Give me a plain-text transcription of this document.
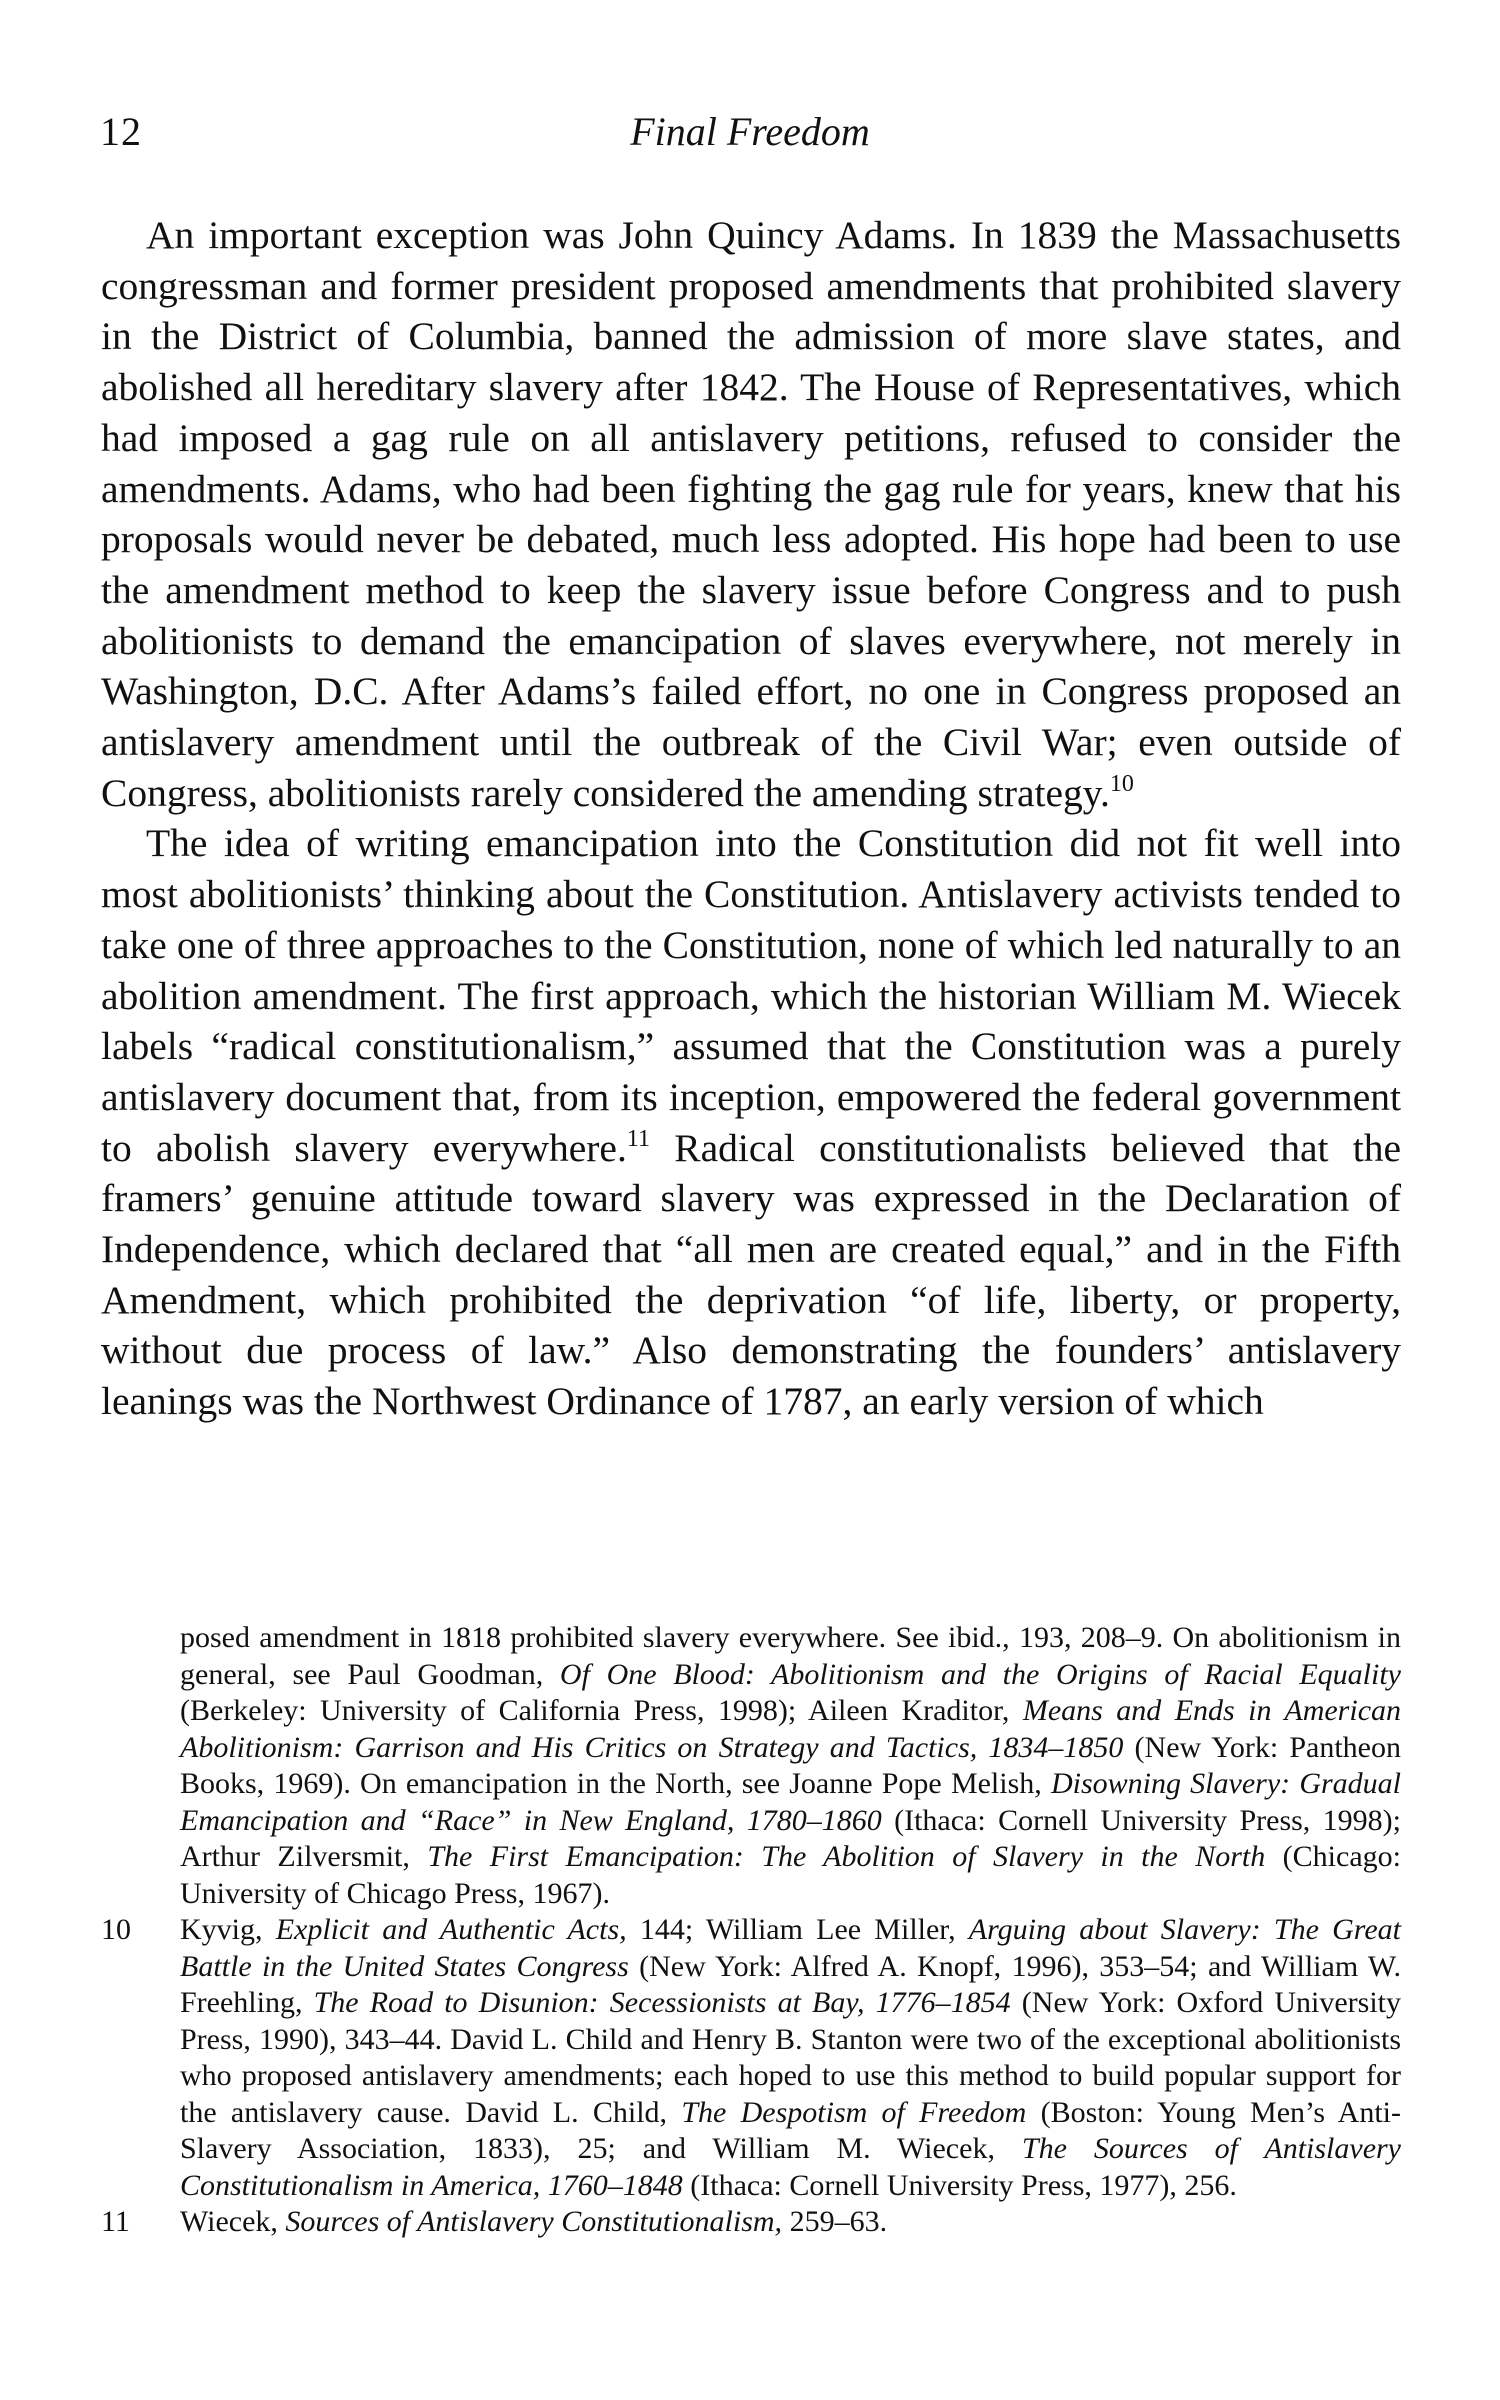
12	Final Freedom

An important exception was John Quincy Adams. In 1839 the Massachusetts congressman and former president proposed amendments that prohibited slavery in the District of Columbia, banned the admission of more slave states, and abolished all hereditary slavery after 1842. The House of Representatives, which had imposed a gag rule on all antislavery petitions, refused to consider the amendments. Adams, who had been fighting the gag rule for years, knew that his proposals would never be debated, much less adopted. His hope had been to use the amendment method to keep the slavery issue before Congress and to push abolitionists to demand the emancipation of slaves everywhere, not merely in Washington, D.C. After Adams’s failed effort, no one in Congress proposed an antislavery amendment until the outbreak of the Civil War; even outside of Congress, abolitionists rarely considered the amending strategy.$^{10}$

The idea of writing emancipation into the Constitution did not fit well into most abolitionists’ thinking about the Constitution. Antislavery activists tended to take one of three approaches to the Constitution, none of which led naturally to an abolition amendment. The first approach, which the historian William M. Wiecek labels “radical constitutionalism,” assumed that the Constitution was a purely antislavery document that, from its inception, empowered the federal government to abolish slavery everywhere.$^{11}$ Radical constitutionalists believed that the framers’ genuine attitude toward slavery was expressed in the Declaration of Independence, which declared that “all men are created equal,” and in the Fifth Amendment, which prohibited the deprivation “of life, liberty, or property, without due process of law.” Also demonstrating the founders’ antislavery leanings was the Northwest Ordinance of 1787, an early version of which

posed amendment in 1818 prohibited slavery everywhere. See ibid., 193, 208–9. On abolitionism in general, see Paul Goodman, Of One Blood: Abolitionism and the Origins of Racial Equality (Berkeley: University of California Press, 1998); Aileen Kraditor, Means and Ends in American Abolitionism: Garrison and His Critics on Strategy and Tactics, 1834–1850 (New York: Pantheon Books, 1969). On emancipation in the North, see Joanne Pope Melish, Disowning Slavery: Gradual Emancipation and “Race” in New England, 1780–1860 (Ithaca: Cornell University Press, 1998); Arthur Zilversmit, The First Emancipation: The Abolition of Slavery in the North (Chicago: University of Chicago Press, 1967).

10	Kyvig, Explicit and Authentic Acts, 144; William Lee Miller, Arguing about Slavery: The Great Battle in the United States Congress (New York: Alfred A. Knopf, 1996), 353–54; and William W. Freehling, The Road to Disunion: Secessionists at Bay, 1776–1854 (New York: Oxford University Press, 1990), 343–44. David L. Child and Henry B. Stanton were two of the exceptional abolitionists who proposed antislavery amendments; each hoped to use this method to build popular support for the antislavery cause. David L. Child, The Despotism of Freedom (Boston: Young Men’s Anti-Slavery Association, 1833), 25; and William M. Wiecek, The Sources of Antislavery Constitutionalism in America, 1760–1848 (Ithaca: Cornell University Press, 1977), 256.
11	Wiecek, Sources of Antislavery Constitutionalism, 259–63.
